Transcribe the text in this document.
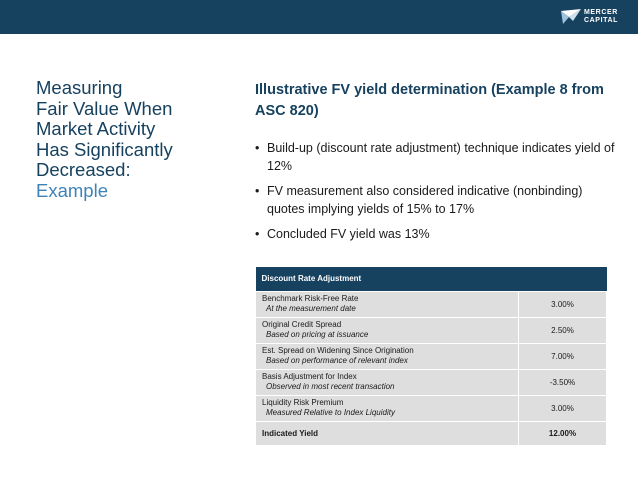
MERCER
CAPITAL
Measuring
Fair Value When
Market Activity
Has Significantly
Decreased:
Example
Illustrative FV yield determination (Example 8 from ASC 820)
• Build-up (discount rate adjustment) technique indicates yield of 12%
• FV measurement also considered indicative (nonbinding) quotes implying yields of 15% to 17%
• Concluded FV yield was 13%
Discount Rate Adjustment	

Benchmark Risk-Free Rate
At the measurement date	3.00%

Original Credit Spread
Based on pricing at issuance	2.50%

Est. Spread on Widening Since Origination
Based on performance of relevant index	7.00%

Basis Adjustment for Index
Observed in most recent transaction	-3.50%

Liquidity Risk Premium
Measured Relative to Index Liquidity	3.00%
Indicated Yield	12.00%
